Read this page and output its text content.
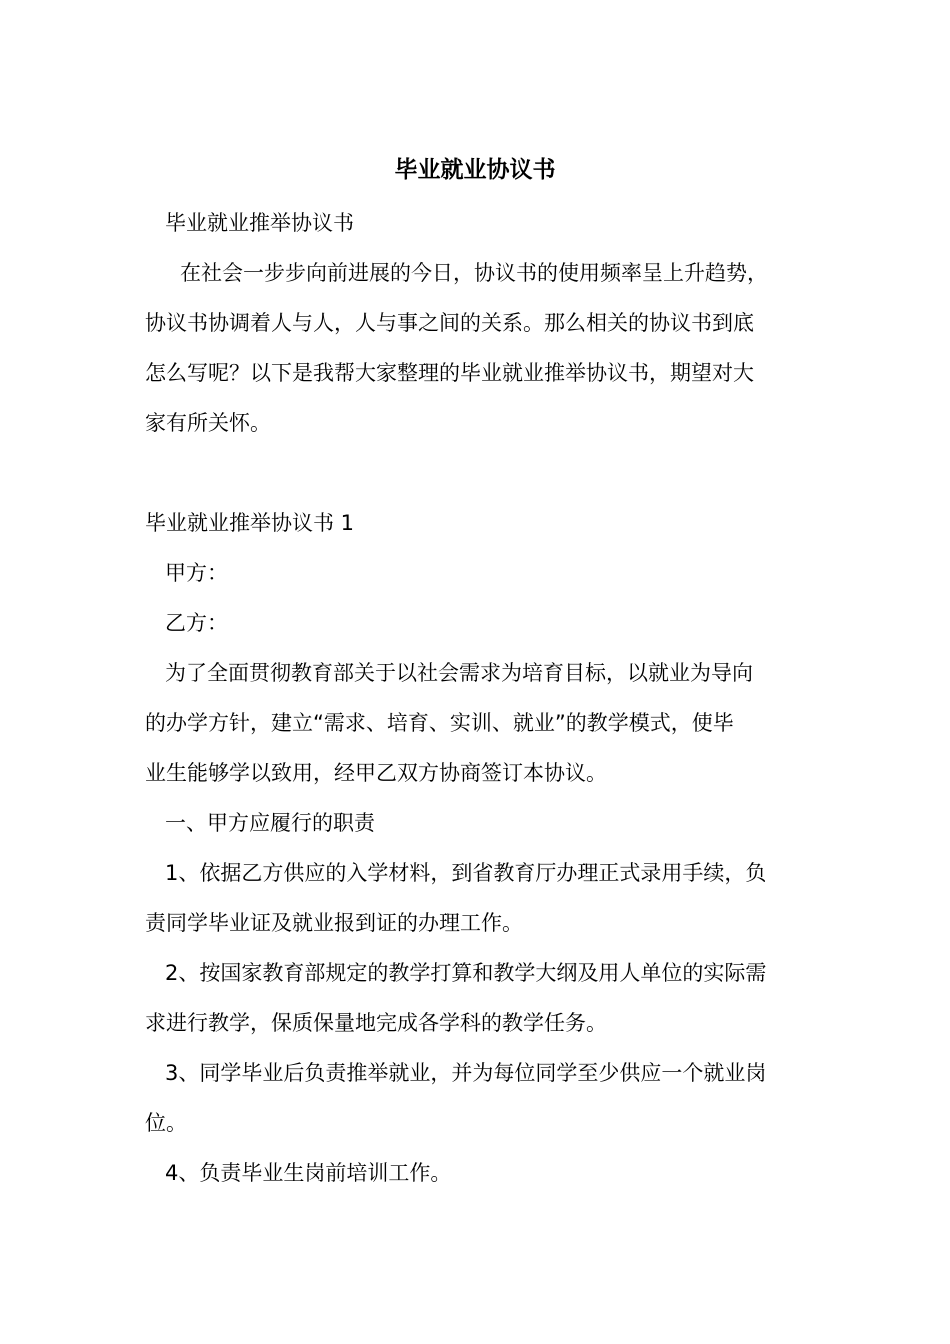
毕业就业协议书
毕业就业推举协议书
在社会一步步向前进展的今日，协议书的使用频率呈上升趋势，
协议书协调着人与人，人与事之间的关系。那么相关的协议书到底
怎么写呢？以下是我帮大家整理的毕业就业推举协议书，期望对大
家有所关怀。
毕业就业推举协议书 1
甲方：
乙方：
为了全面贯彻教育部关于以社会需求为培育目标，以就业为导向
的办学方针，建立“需求、培育、实训、就业”的教学模式，使毕
业生能够学以致用，经甲乙双方协商签订本协议。
一、甲方应履行的职责
1、依据乙方供应的入学材料，到省教育厅办理正式录用手续，负
责同学毕业证及就业报到证的办理工作。
2、按国家教育部规定的教学打算和教学大纲及用人单位的实际需
求进行教学，保质保量地完成各学科的教学任务。
3、同学毕业后负责推举就业，并为每位同学至少供应一个就业岗
位。
4、负责毕业生岗前培训工作。
